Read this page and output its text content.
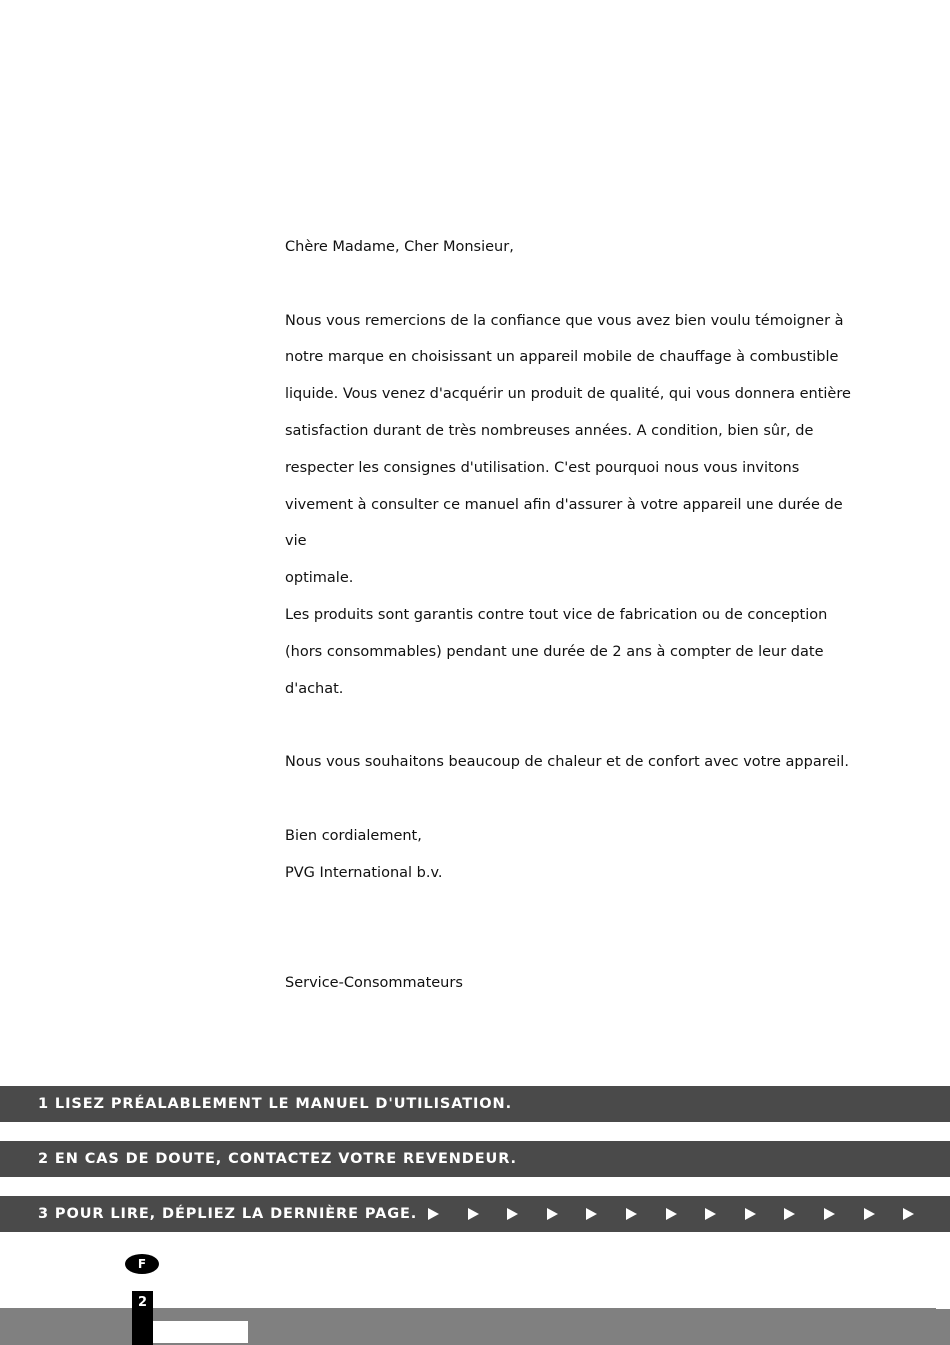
Chère Madame, Cher Monsieur,

Nous vous remercions de la confiance que vous avez bien voulu témoigner à

notre marque en choisissant un appareil mobile de chauffage à combustible

liquide. Vous venez d'acquérir un produit de qualité, qui vous donnera entière

satisfaction durant de très nombreuses années. A condition, bien sûr, de

respecter les consignes d'utilisation. C'est pourquoi nous vous invitons

vivement à consulter ce manuel afin d'assurer à votre appareil une durée de vie

optimale.

Les produits sont garantis contre tout vice de fabrication ou de conception

(hors consommables) pendant une durée de 2 ans à compter de leur date

d'achat.

Nous vous souhaitons beaucoup de chaleur et de confort avec votre appareil.

Bien cordialement,

PVG International b.v.

Service-Consommateurs

1 LISEZ PRÉALABLEMENT LE MANUEL D'UTILISATION.
2 EN CAS DE DOUTE, CONTACTEZ VOTRE REVENDEUR.
3 POUR LIRE, DÉPLIEZ LA DERNIÈRE PAGE.
F
2
